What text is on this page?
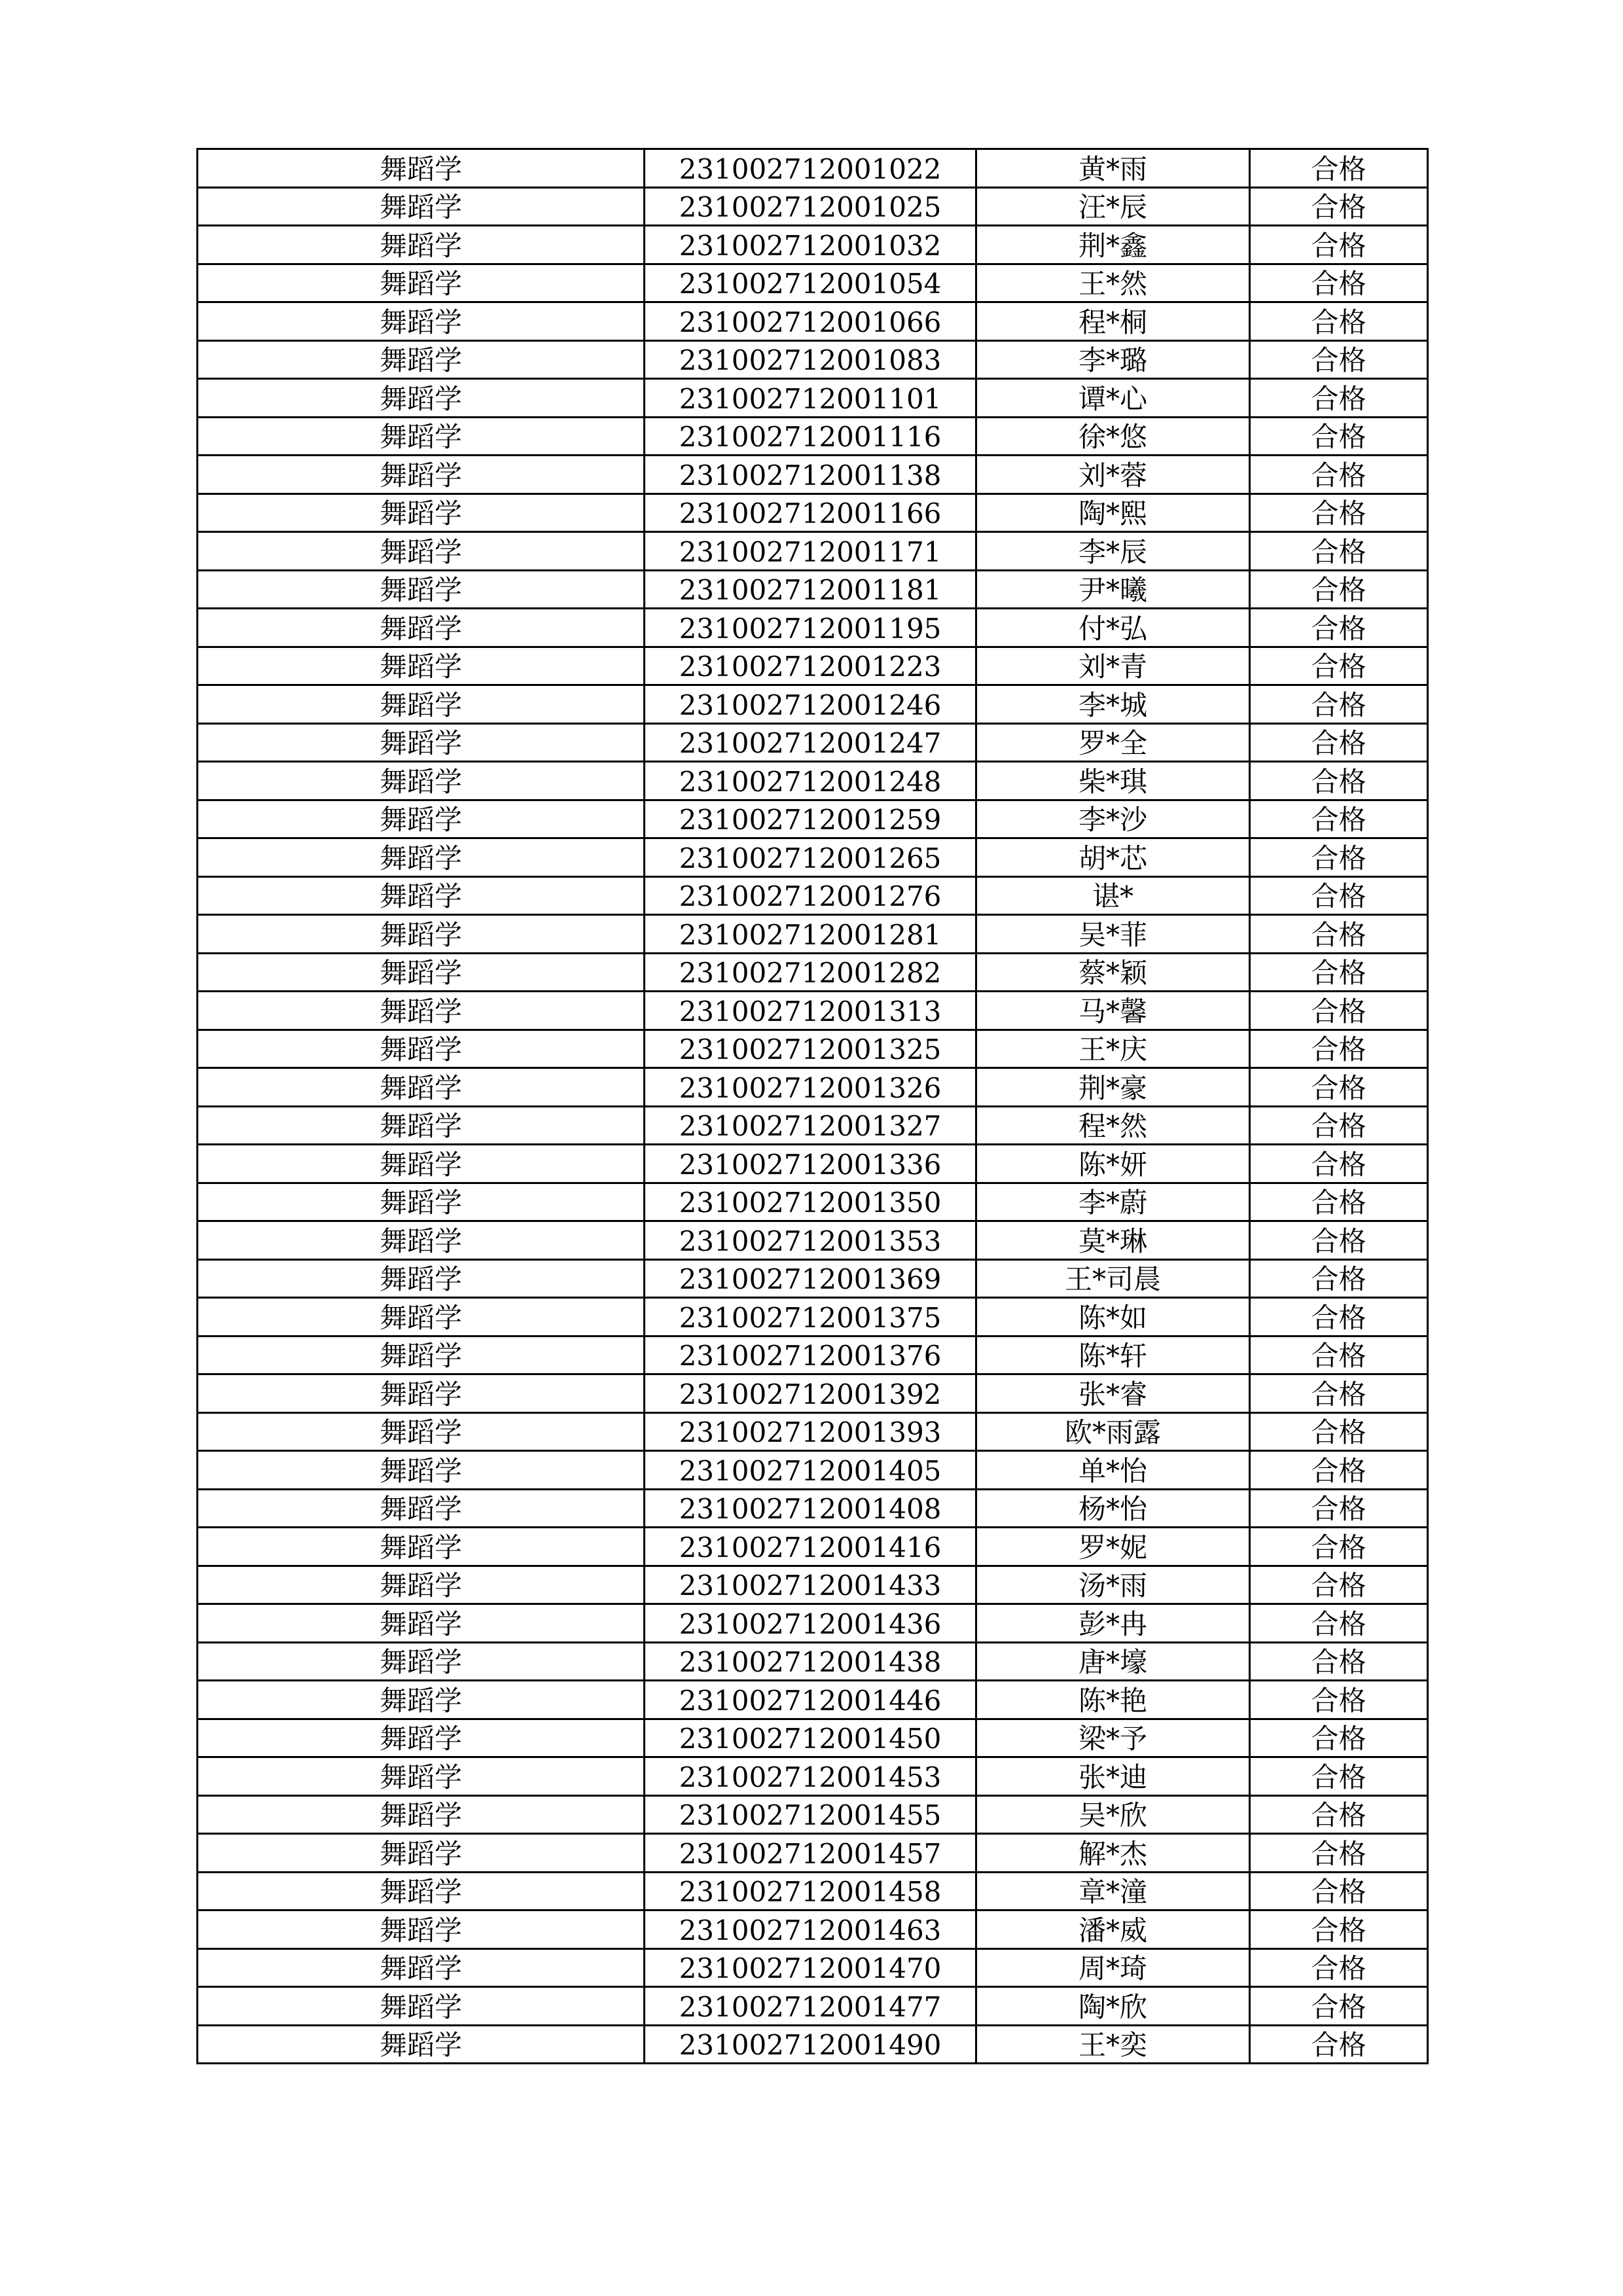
舞蹈学	231002712001022	黄*雨	合格
舞蹈学	231002712001025	汪*辰	合格
舞蹈学	231002712001032	荆*鑫	合格
舞蹈学	231002712001054	王*然	合格
舞蹈学	231002712001066	程*桐	合格
舞蹈学	231002712001083	李*璐	合格
舞蹈学	231002712001101	谭*心	合格
舞蹈学	231002712001116	徐*悠	合格
舞蹈学	231002712001138	刘*蓉	合格
舞蹈学	231002712001166	陶*熙	合格
舞蹈学	231002712001171	李*辰	合格
舞蹈学	231002712001181	尹*曦	合格
舞蹈学	231002712001195	付*弘	合格
舞蹈学	231002712001223	刘*青	合格
舞蹈学	231002712001246	李*城	合格
舞蹈学	231002712001247	罗*全	合格
舞蹈学	231002712001248	柴*琪	合格
舞蹈学	231002712001259	李*沙	合格
舞蹈学	231002712001265	胡*芯	合格
舞蹈学	231002712001276	谌*	合格
舞蹈学	231002712001281	吴*菲	合格
舞蹈学	231002712001282	蔡*颖	合格
舞蹈学	231002712001313	马*馨	合格
舞蹈学	231002712001325	王*庆	合格
舞蹈学	231002712001326	荆*豪	合格
舞蹈学	231002712001327	程*然	合格
舞蹈学	231002712001336	陈*妍	合格
舞蹈学	231002712001350	李*蔚	合格
舞蹈学	231002712001353	莫*琳	合格
舞蹈学	231002712001369	王*司晨	合格
舞蹈学	231002712001375	陈*如	合格
舞蹈学	231002712001376	陈*轩	合格
舞蹈学	231002712001392	张*睿	合格
舞蹈学	231002712001393	欧*雨露	合格
舞蹈学	231002712001405	单*怡	合格
舞蹈学	231002712001408	杨*怡	合格
舞蹈学	231002712001416	罗*妮	合格
舞蹈学	231002712001433	汤*雨	合格
舞蹈学	231002712001436	彭*冉	合格
舞蹈学	231002712001438	唐*壕	合格
舞蹈学	231002712001446	陈*艳	合格
舞蹈学	231002712001450	梁*予	合格
舞蹈学	231002712001453	张*迪	合格
舞蹈学	231002712001455	吴*欣	合格
舞蹈学	231002712001457	解*杰	合格
舞蹈学	231002712001458	章*潼	合格
舞蹈学	231002712001463	潘*威	合格
舞蹈学	231002712001470	周*琦	合格
舞蹈学	231002712001477	陶*欣	合格
舞蹈学	231002712001490	王*奕	合格
